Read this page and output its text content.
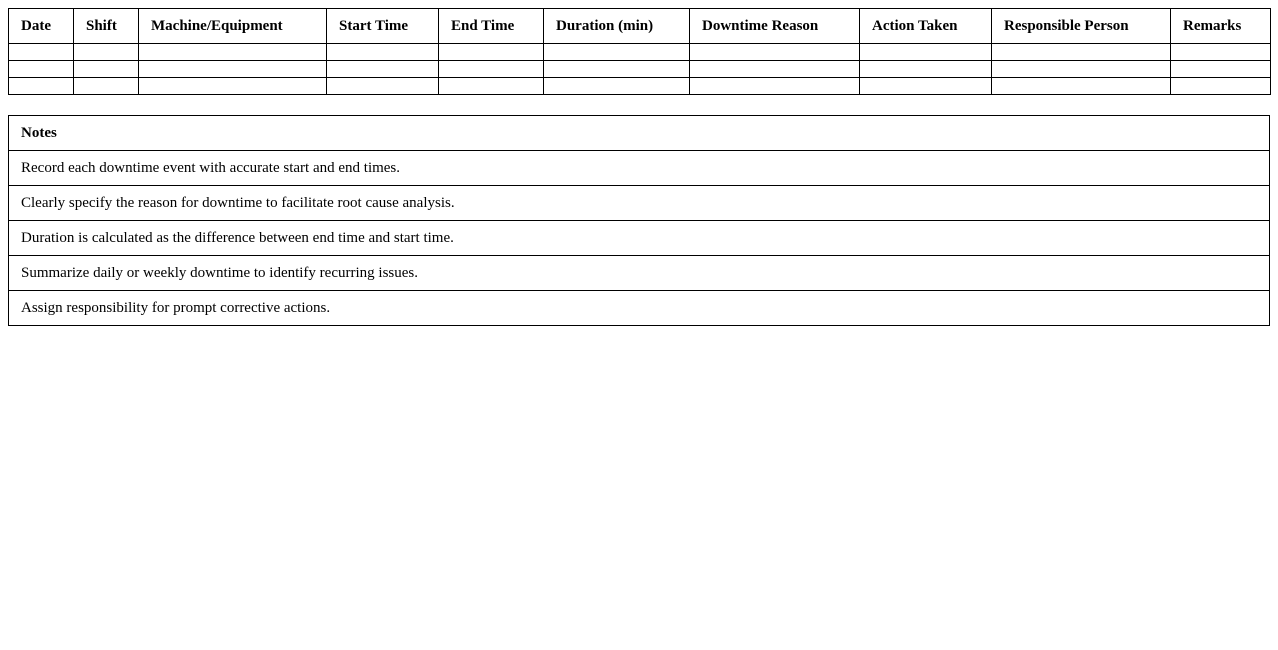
Date	Shift	Machine/Equipment	Start Time	End Time	Duration (min)	Downtime Reason	Action Taken	Responsible Person	Remarks

Notes
Record each downtime event with accurate start and end times.
Clearly specify the reason for downtime to facilitate root cause analysis.
Duration is calculated as the difference between end time and start time.
Summarize daily or weekly downtime to identify recurring issues.
Assign responsibility for prompt corrective actions.
